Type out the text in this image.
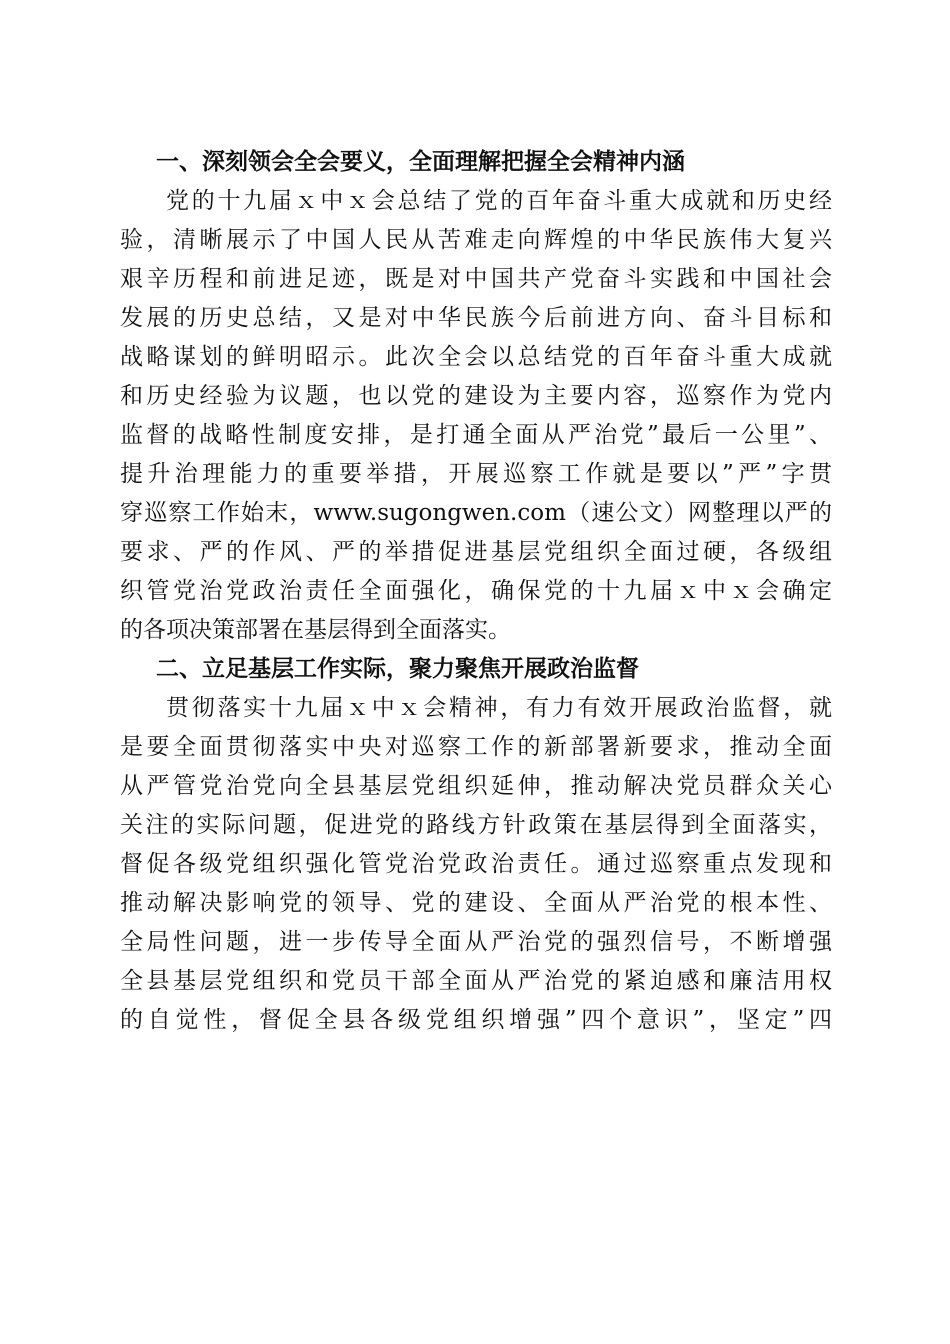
一、深刻领会全会要义，全面理解把握全会精神内涵
党的十九届ｘ中ｘ会总结了党的百年奋斗重大成就和历史经
验，清晰展示了中国人民从苦难走向辉煌的中华民族伟大复兴
艰辛历程和前进足迹，既是对中国共产党奋斗实践和中国社会
发展的历史总结，又是对中华民族今后前进方向、奋斗目标和
战略谋划的鲜明昭示。此次全会以总结党的百年奋斗重大成就
和历史经验为议题，也以党的建设为主要内容，巡察作为党内
监督的战略性制度安排，是打通全面从严治党”最后一公里”、
提升治理能力的重要举措，开展巡察工作就是要以”严”字贯
穿巡察工作始末，www.sugongwen.com（速公文）网整理以严的
要求、严的作风、严的举措促进基层党组织全面过硬，各级组
织管党治党政治责任全面强化，确保党的十九届ｘ中ｘ会确定
的各项决策部署在基层得到全面落实。
二、立足基层工作实际，聚力聚焦开展政治监督
贯彻落实十九届ｘ中ｘ会精神，有力有效开展政治监督，就
是要全面贯彻落实中央对巡察工作的新部署新要求，推动全面
从严管党治党向全县基层党组织延伸，推动解决党员群众关心
关注的实际问题，促进党的路线方针政策在基层得到全面落实，
督促各级党组织强化管党治党政治责任。通过巡察重点发现和
推动解决影响党的领导、党的建设、全面从严治党的根本性、
全局性问题，进一步传导全面从严治党的强烈信号，不断增强
全县基层党组织和党员干部全面从严治党的紧迫感和廉洁用权
的自觉性，督促全县各级党组织增强”四个意识”，坚定”四
